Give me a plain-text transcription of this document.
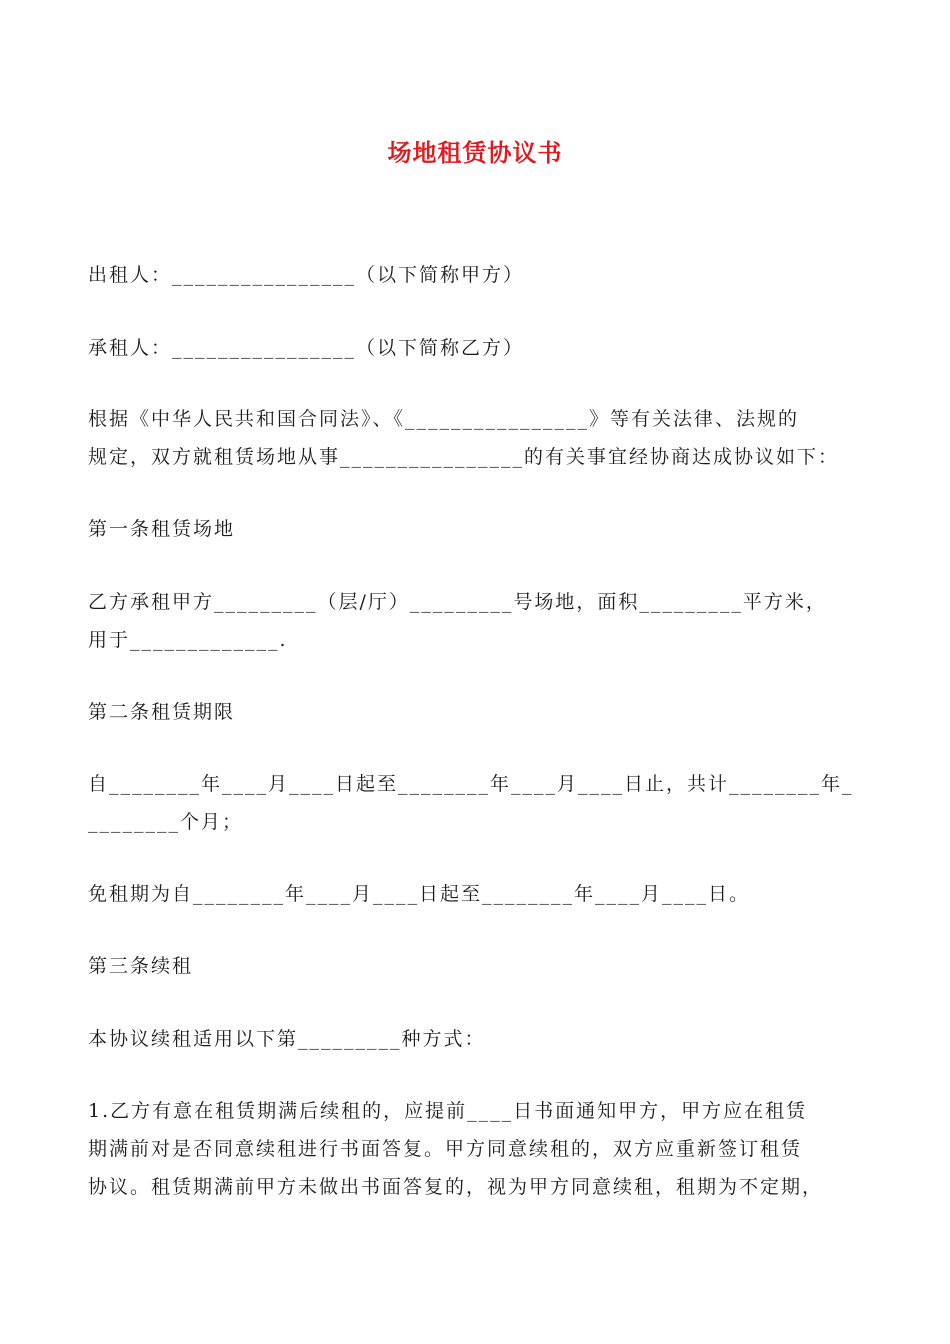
场地租赁协议书
出租人：________________（以下简称甲方）
承租人：________________（以下简称乙方）
根据《中华人民共和国合同法》、《________________》等有关法律、法规的
规定，双方就租赁场地从事________________的有关事宜经协商达成协议如下：
第一条租赁场地
乙方承租甲方_________（层/厅）_________号场地，面积_________平方米，
用于_____________.
第二条租赁期限
自________年____月____日起至________年____月____日止，共计________年_
________个月；
免租期为自________年____月____日起至________年____月____日。
第三条续租
本协议续租适用以下第_________种方式：
1.乙方有意在租赁期满后续租的，应提前____日书面通知甲方，甲方应在租赁
期满前对是否同意续租进行书面答复。甲方同意续租的，双方应重新签订租赁
协议。租赁期满前甲方未做出书面答复的，视为甲方同意续租，租期为不定期，
